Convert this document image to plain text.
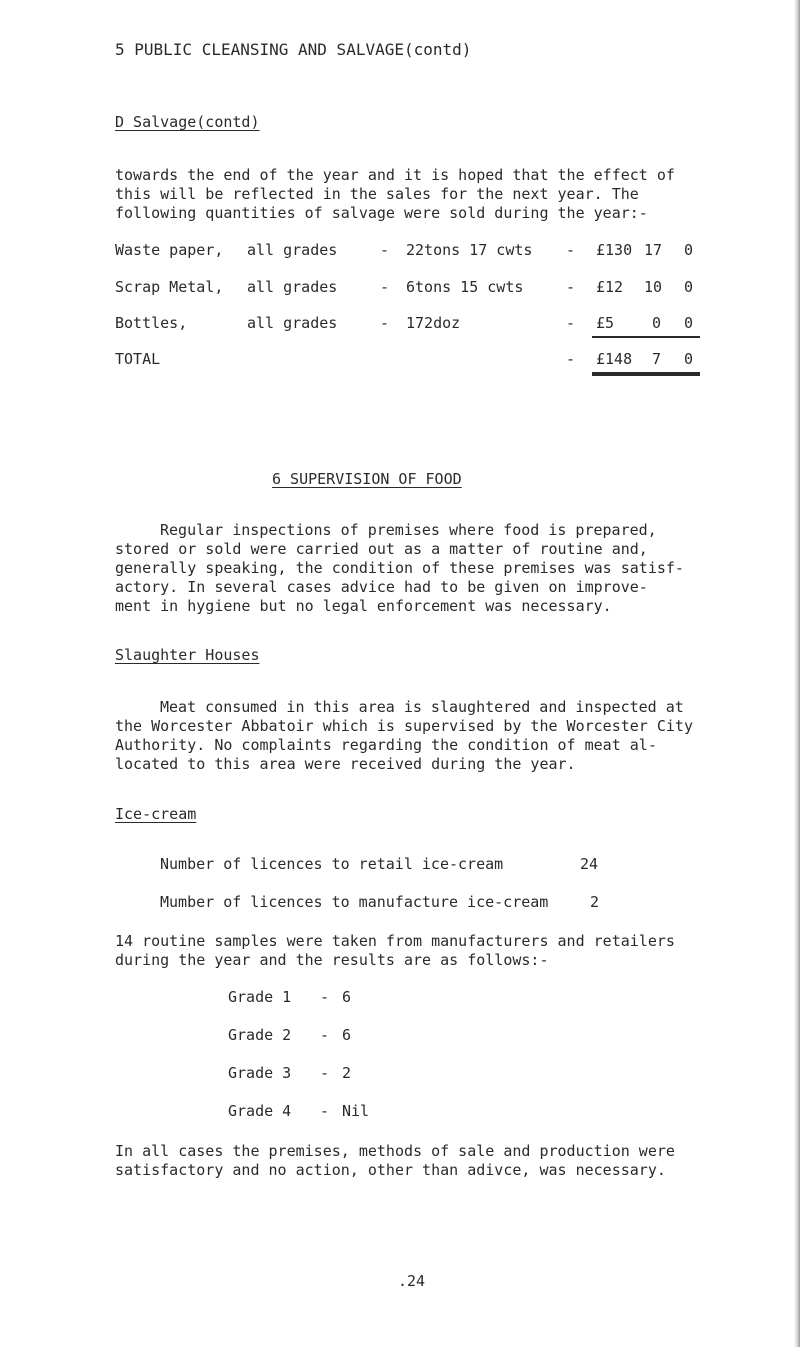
5 PUBLIC CLEANSING AND SALVAGE(contd)
D Salvage(contd)
towards the end of the year and it is hoped that the effect of
this will be reflected in the sales for the next year. The
following quantities of salvage were sold during the year:-
Waste paper, all grades	- 22tons 17 cwts - £130 17 0
Scrap Metal, all grades	- 6tons 15 cwts	- £12 10 0
Bottles,	all grades	- 172doz	- £5	0 0
TOTAL	- £148 7 0
6 SUPERVISION OF FOOD
Regular inspections of premises where food is prepared,
stored or sold were carried out as a matter of routine and,
generally speaking, the condition of these premises was satisf-
actory. In several cases advice had to be given on improve-
ment in hygiene but no legal enforcement was necessary.
Slaughter Houses
Meat consumed in this area is slaughtered and inspected at
the Worcester Abbatoir which is supervised by the Worcester City
Authority. No complaints regarding the condition of meat al-
located to this area were received during the year.
Ice-cream
Number of licences to retail ice-cream	24
Mumber of licences to manufacture ice-cream	2
14 routine samples were taken from manufacturers and retailers
during the year and the results are as follows:-
Grade 1 - 6
Grade 2 - 6
Grade 3 - 2
Grade 4 - Nil
In all cases the premises, methods of sale and production were
satisfactory and no action, other than adivce, was necessary.
.24
